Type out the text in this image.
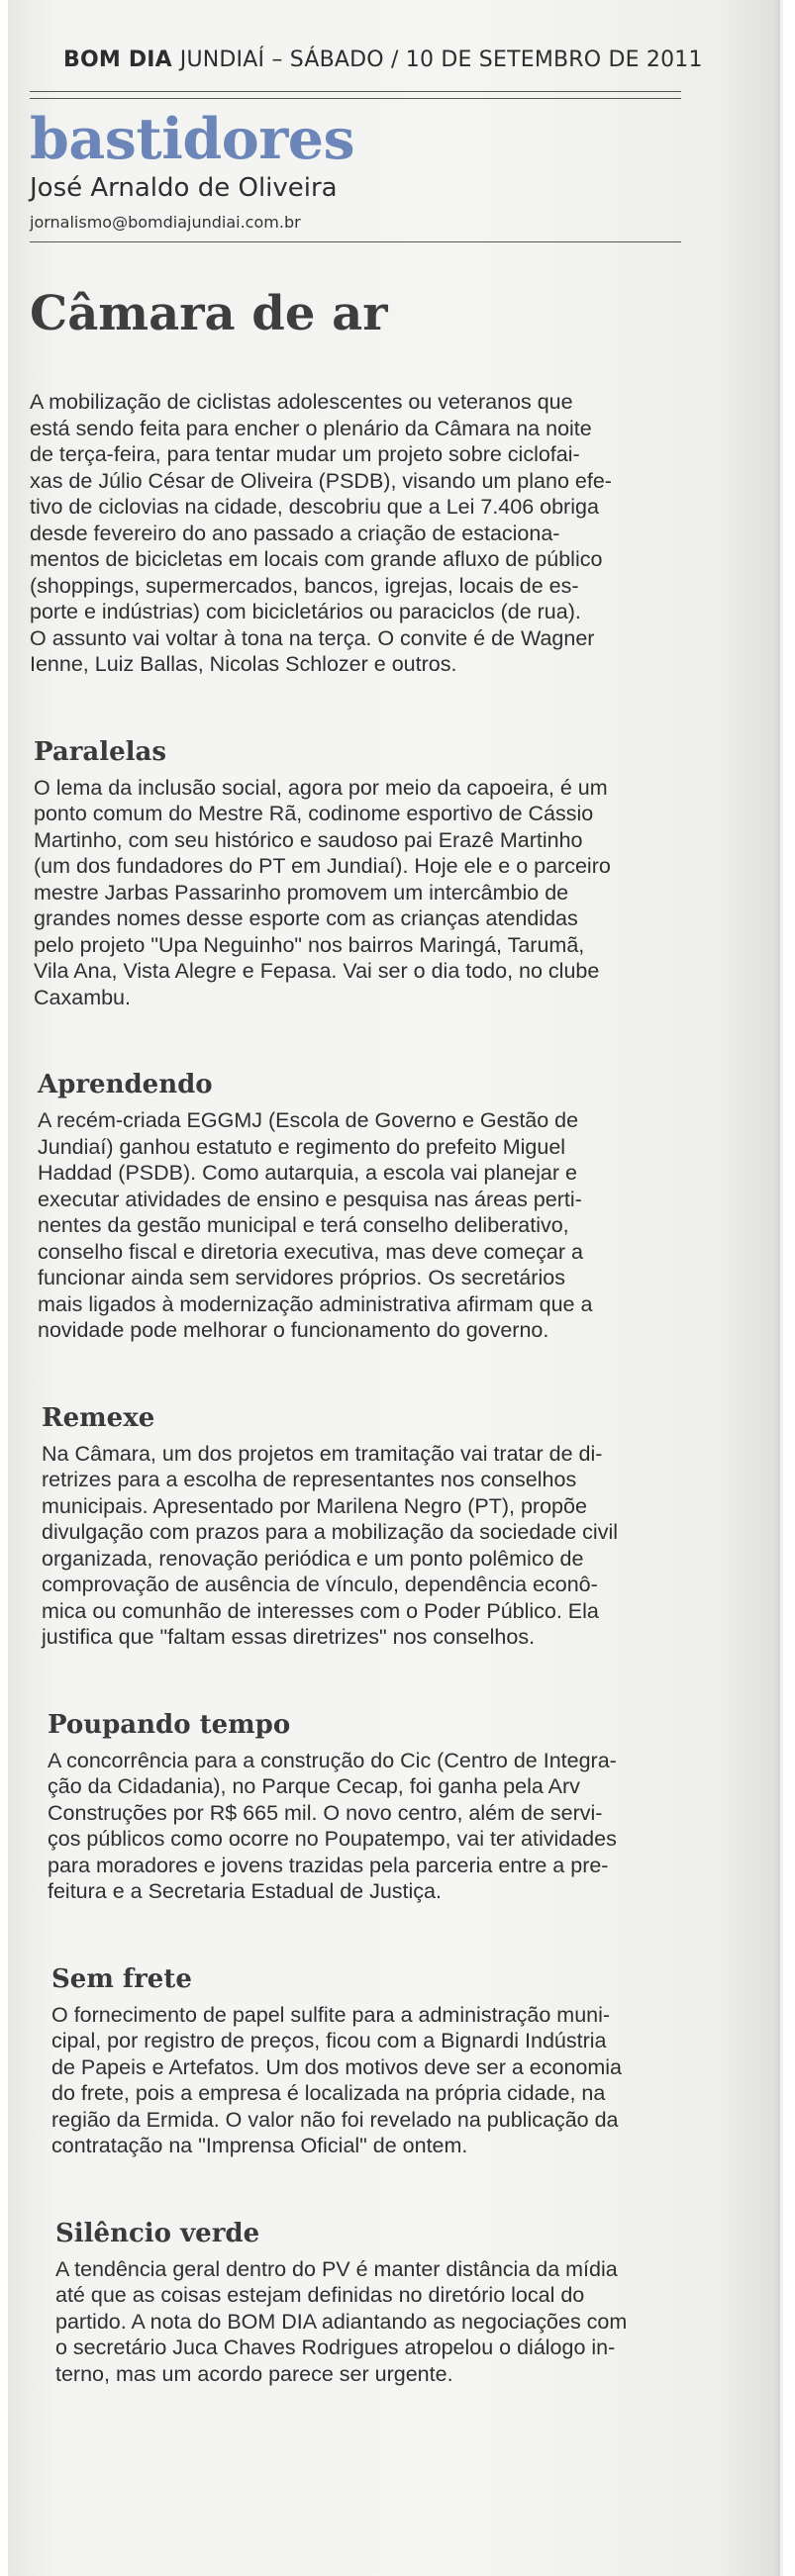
BOM DIA JUNDIAÍ – SÁBADO / 10 DE SETEMBRO DE 2011
bastidores
José Arnaldo de Oliveira
jornalismo@bomdiajundiai.com.br
Câmara de ar
A mobilização de ciclistas adolescentes ou veteranos que
está sendo feita para encher o plenário da Câmara na noite
de terça-feira, para tentar mudar um projeto sobre ciclofai-
xas de Júlio César de Oliveira (PSDB), visando um plano efe-
tivo de ciclovias na cidade, descobriu que a Lei 7.406 obriga
desde fevereiro do ano passado a criação de estaciona-
mentos de bicicletas em locais com grande afluxo de público
(shoppings, supermercados, bancos, igrejas, locais de es-
porte e indústrias) com bicicletários ou paraciclos (de rua).
O assunto vai voltar à tona na terça. O convite é de Wagner
Ienne, Luiz Ballas, Nicolas Schlozer e outros.
Paralelas
O lema da inclusão social, agora por meio da capoeira, é um
ponto comum do Mestre Rã, codinome esportivo de Cássio
Martinho, com seu histórico e saudoso pai Erazê Martinho
(um dos fundadores do PT em Jundiaí). Hoje ele e o parceiro
mestre Jarbas Passarinho promovem um intercâmbio de
grandes nomes desse esporte com as crianças atendidas
pelo projeto "Upa Neguinho" nos bairros Maringá, Tarumã,
Vila Ana, Vista Alegre e Fepasa. Vai ser o dia todo, no clube
Caxambu.
Aprendendo
A recém-criada EGGMJ (Escola de Governo e Gestão de
Jundiaí) ganhou estatuto e regimento do prefeito Miguel
Haddad (PSDB). Como autarquia, a escola vai planejar e
executar atividades de ensino e pesquisa nas áreas perti-
nentes da gestão municipal e terá conselho deliberativo,
conselho fiscal e diretoria executiva, mas deve começar a
funcionar ainda sem servidores próprios. Os secretários
mais ligados à modernização administrativa afirmam que a
novidade pode melhorar o funcionamento do governo.
Remexe
Na Câmara, um dos projetos em tramitação vai tratar de di-
retrizes para a escolha de representantes nos conselhos
municipais. Apresentado por Marilena Negro (PT), propõe
divulgação com prazos para a mobilização da sociedade civil
organizada, renovação periódica e um ponto polêmico de
comprovação de ausência de vínculo, dependência econô-
mica ou comunhão de interesses com o Poder Público. Ela
justifica que "faltam essas diretrizes" nos conselhos.
Poupando tempo
A concorrência para a construção do Cic (Centro de Integra-
ção da Cidadania), no Parque Cecap, foi ganha pela Arv
Construções por R$ 665 mil. O novo centro, além de servi-
ços públicos como ocorre no Poupatempo, vai ter atividades
para moradores e jovens trazidas pela parceria entre a pre-
feitura e a Secretaria Estadual de Justiça.
Sem frete
O fornecimento de papel sulfite para a administração muni-
cipal, por registro de preços, ficou com a Bignardi Indústria
de Papeis e Artefatos. Um dos motivos deve ser a economia
do frete, pois a empresa é localizada na própria cidade, na
região da Ermida. O valor não foi revelado na publicação da
contratação na "Imprensa Oficial" de ontem.
Silêncio verde
A tendência geral dentro do PV é manter distância da mídia
até que as coisas estejam definidas no diretório local do
partido. A nota do BOM DIA adiantando as negociações com
o secretário Juca Chaves Rodrigues atropelou o diálogo in-
terno, mas um acordo parece ser urgente.
